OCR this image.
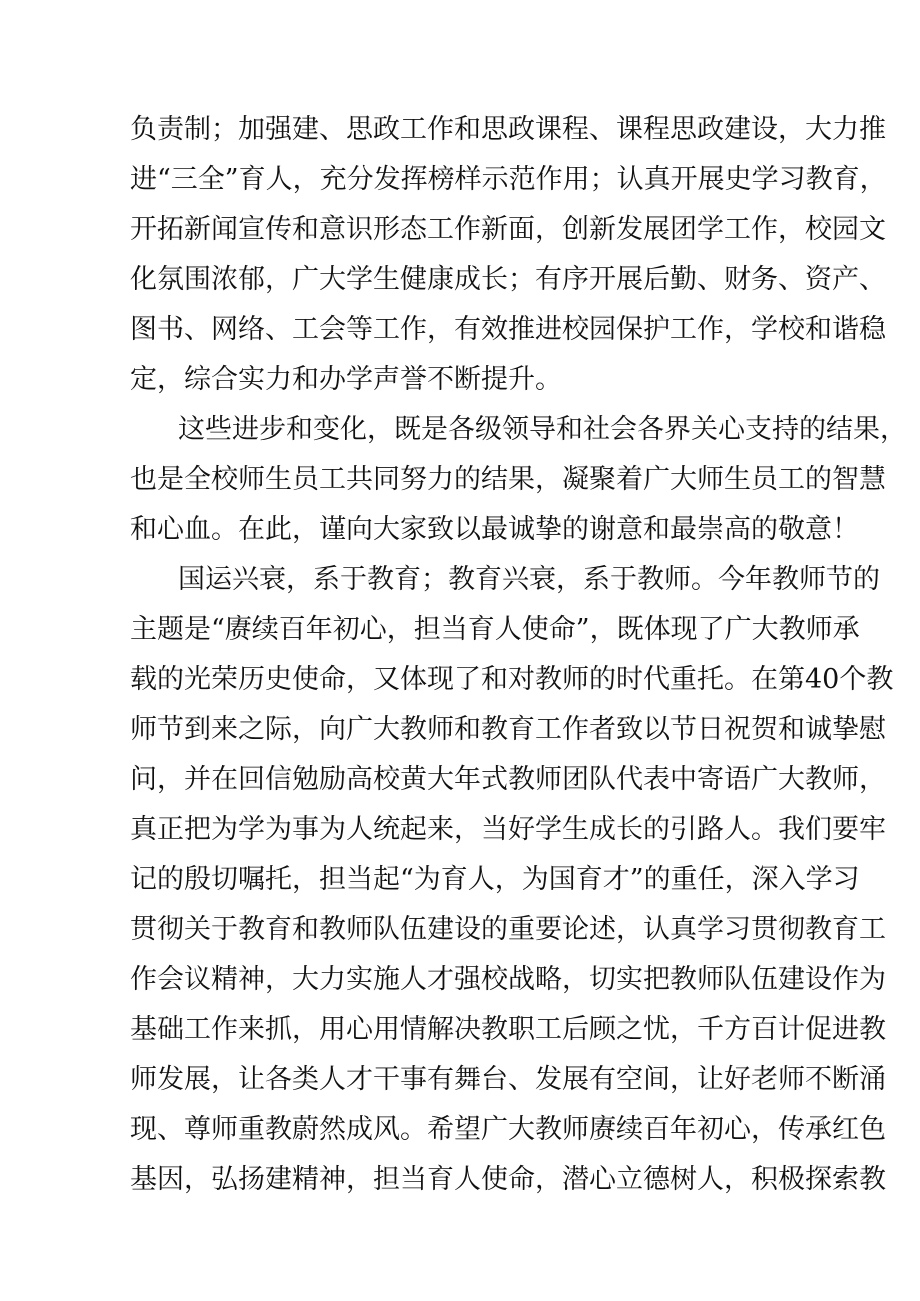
负责制；加强建、思政工作和思政课程、课程思政建设，大力推
进“三全”育人，充分发挥榜样示范作用；认真开展史学习教育，
开拓新闻宣传和意识形态工作新面，创新发展团学工作，校园文
化氛围浓郁，广大学生健康成长；有序开展后勤、财务、资产、
图书、网络、工会等工作，有效推进校园保护工作，学校和谐稳
定，综合实力和办学声誉不断提升。
这些进步和变化，既是各级领导和社会各界关心支持的结果，
也是全校师生员工共同努力的结果，凝聚着广大师生员工的智慧
和心血。在此，谨向大家致以最诚挚的谢意和最崇高的敬意！
国运兴衰，系于教育；教育兴衰，系于教师。今年教师节的
主题是“赓续百年初心，担当育人使命”，既体现了广大教师承
载的光荣历史使命，又体现了和对教师的时代重托。在第40个教
师节到来之际，向广大教师和教育工作者致以节日祝贺和诚挚慰
问，并在回信勉励高校黄大年式教师团队代表中寄语广大教师，
真正把为学为事为人统起来，当好学生成长的引路人。我们要牢
记的殷切嘱托，担当起“为育人，为国育才”的重任，深入学习
贯彻关于教育和教师队伍建设的重要论述，认真学习贯彻教育工
作会议精神，大力实施人才强校战略，切实把教师队伍建设作为
基础工作来抓，用心用情解决教职工后顾之忧，千方百计促进教
师发展，让各类人才干事有舞台、发展有空间，让好老师不断涌
现、尊师重教蔚然成风。希望广大教师赓续百年初心，传承红色
基因，弘扬建精神，担当育人使命，潜心立德树人，积极探索教
